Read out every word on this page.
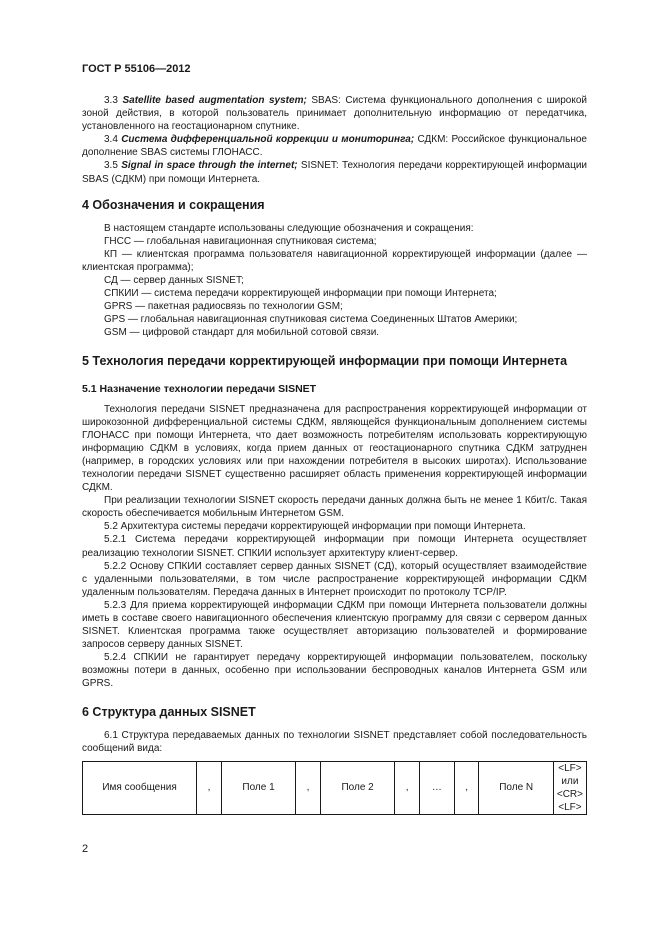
ГОСТ Р 55106—2012

3.3 Satellite based augmentation system; SBAS: Система функционального дополнения с широкой зоной действия, в которой пользователь принимает дополнительную информацию от передатчика, установленного на геостационарном спутнике.

3.4 Система дифференциальной коррекции и мониторинга; СДКМ: Российское функциональное дополнение SBAS системы ГЛОНАСС.

3.5 Signal in space through the internet; SISNET: Технология передачи корректирующей информации SBAS (СДКМ) при помощи Интернета.

4 Обозначения и сокращения

В настоящем стандарте использованы следующие обозначения и сокращения:

ГНСС — глобальная навигационная спутниковая система;

КП — клиентская программа пользователя навигационной корректирующей информации (далее — клиентская программа);

СД — сервер данных SISNET;

СПКИИ — система передачи корректирующей информации при помощи Интернета;

GPRS — пакетная радиосвязь по технологии GSM;

GPS — глобальная навигационная спутниковая система Соединенных Штатов Америки;

GSM — цифровой стандарт для мобильной сотовой связи.

5 Технология передачи корректирующей информации при помощи Интернета
5.1 Назначение технологии передачи SISNET

Технология передачи SISNET предназначена для распространения корректирующей информации от широкозонной дифференциальной системы СДКМ, являющейся функциональным дополнением системы ГЛОНАСС при помощи Интернета, что дает возможность потребителям использовать корректирующую информацию СДКМ в условиях, когда прием данных от геостационарного спутника СДКМ затруднен (например, в городских условиях или при нахождении потребителя в высоких широтах). Использование технологии передачи SISNET существенно расширяет область применения корректирующей информации СДКМ.

При реализации технологии SISNET скорость передачи данных должна быть не менее 1 Кбит/с. Такая скорость обеспечивается мобильным Интернетом GSM.

5.2 Архитектура системы передачи корректирующей информации при помощи Интернета.

5.2.1 Система передачи корректирующей информации при помощи Интернета осуществляет реализацию технологии SISNET. СПКИИ использует архитектуру клиент-сервер.

5.2.2 Основу СПКИИ составляет сервер данных SISNET (СД), который осуществляет взаимодействие с удаленными пользователями, в том числе распространение корректирующей информации СДКМ удаленным пользователям. Передача данных в Интернет происходит по протоколу TCP/IP.

5.2.3 Для приема корректирующей информации СДКМ при помощи Интернета пользователи должны иметь в составе своего навигационного обеспечения клиентскую программу для связи с сервером данных SISNET. Клиентская программа также осуществляет авторизацию пользователей и формирование запросов серверу данных SISNET.

5.2.4 СПКИИ не гарантирует передачу корректирующей информации пользователем, поскольку возможны потери в данных, особенно при использовании беспроводных каналов Интернета GSM или GPRS.

6 Структура данных SISNET

6.1 Структура передаваемых данных по технологии SISNET представляет собой последовательность сообщений вида:

Имя сообщения	,	Поле 1	,	Поле 2	,	…	,	Поле N	<LF> или <CR> <LF>
2
